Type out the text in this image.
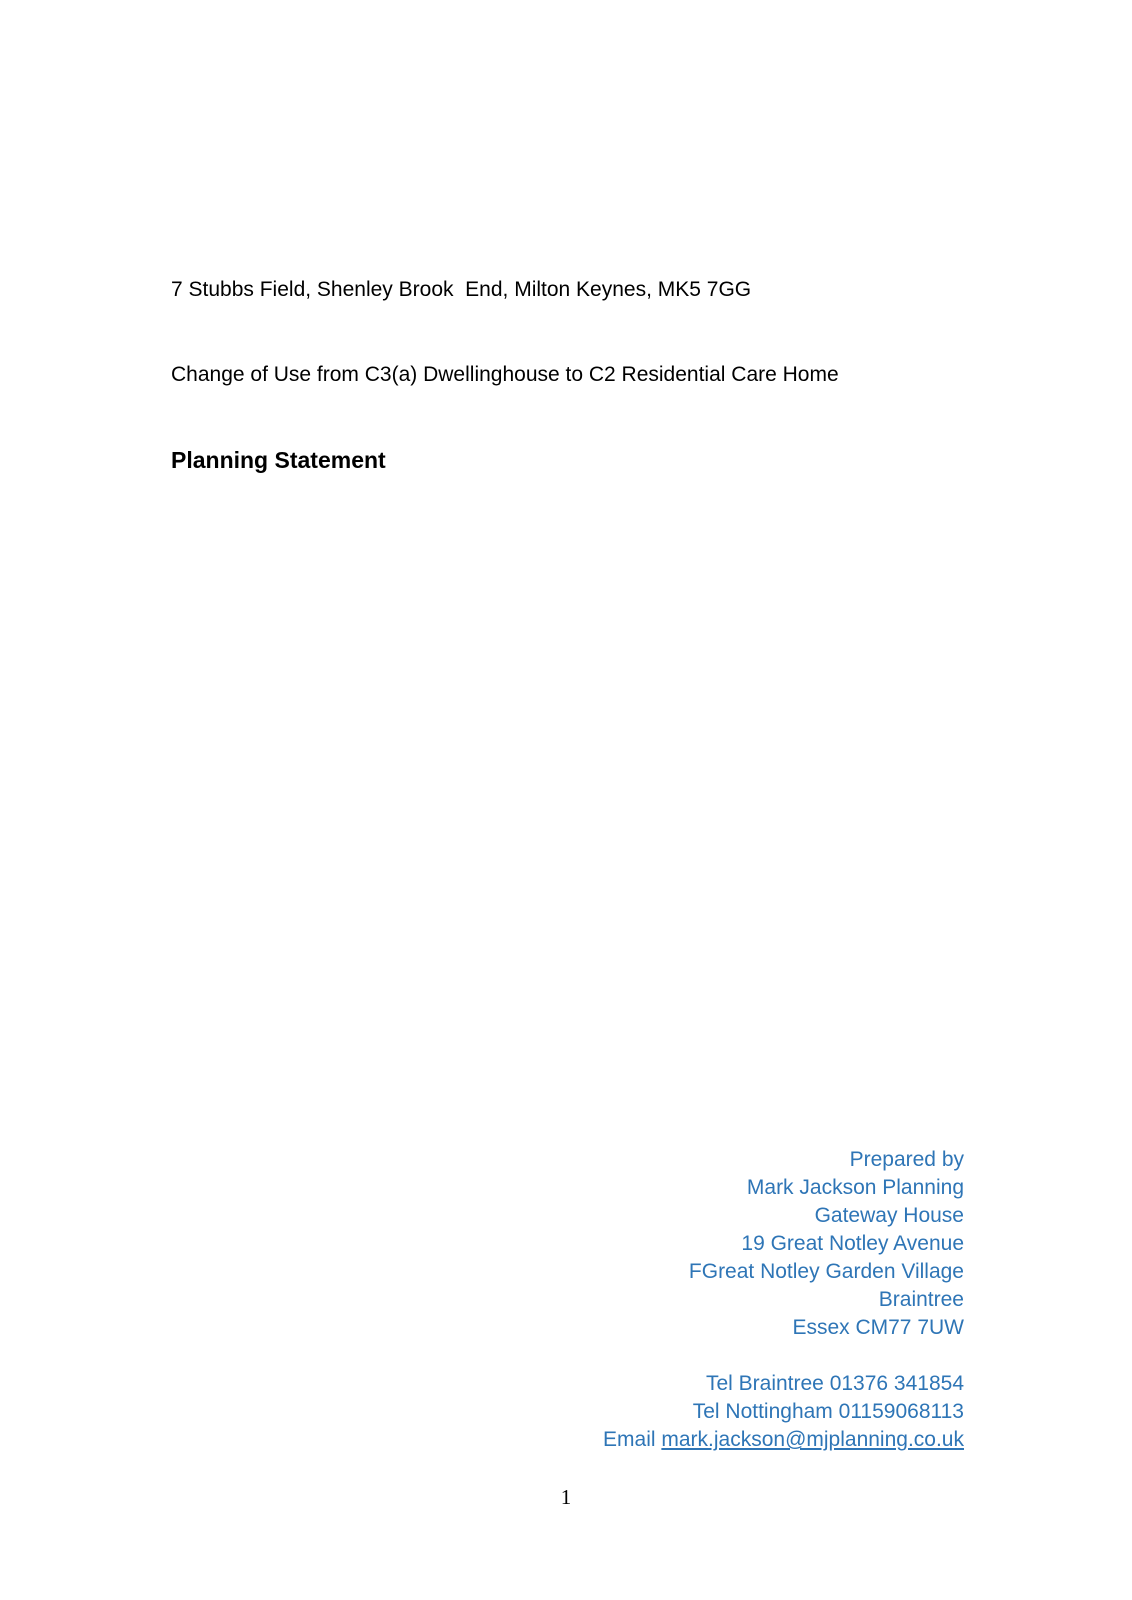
7 Stubbs Field, Shenley Brook  End, Milton Keynes, MK5 7GG
Change of Use from C3(a) Dwellinghouse to C2 Residential Care Home
Planning Statement
Prepared by
Mark Jackson Planning
Gateway House
19 Great Notley Avenue
FGreat Notley Garden Village
Braintree
Essex CM77 7UW
Tel Braintree 01376 341854
Tel Nottingham 01159068113
Email mark.jackson@mjplanning.co.uk
1
